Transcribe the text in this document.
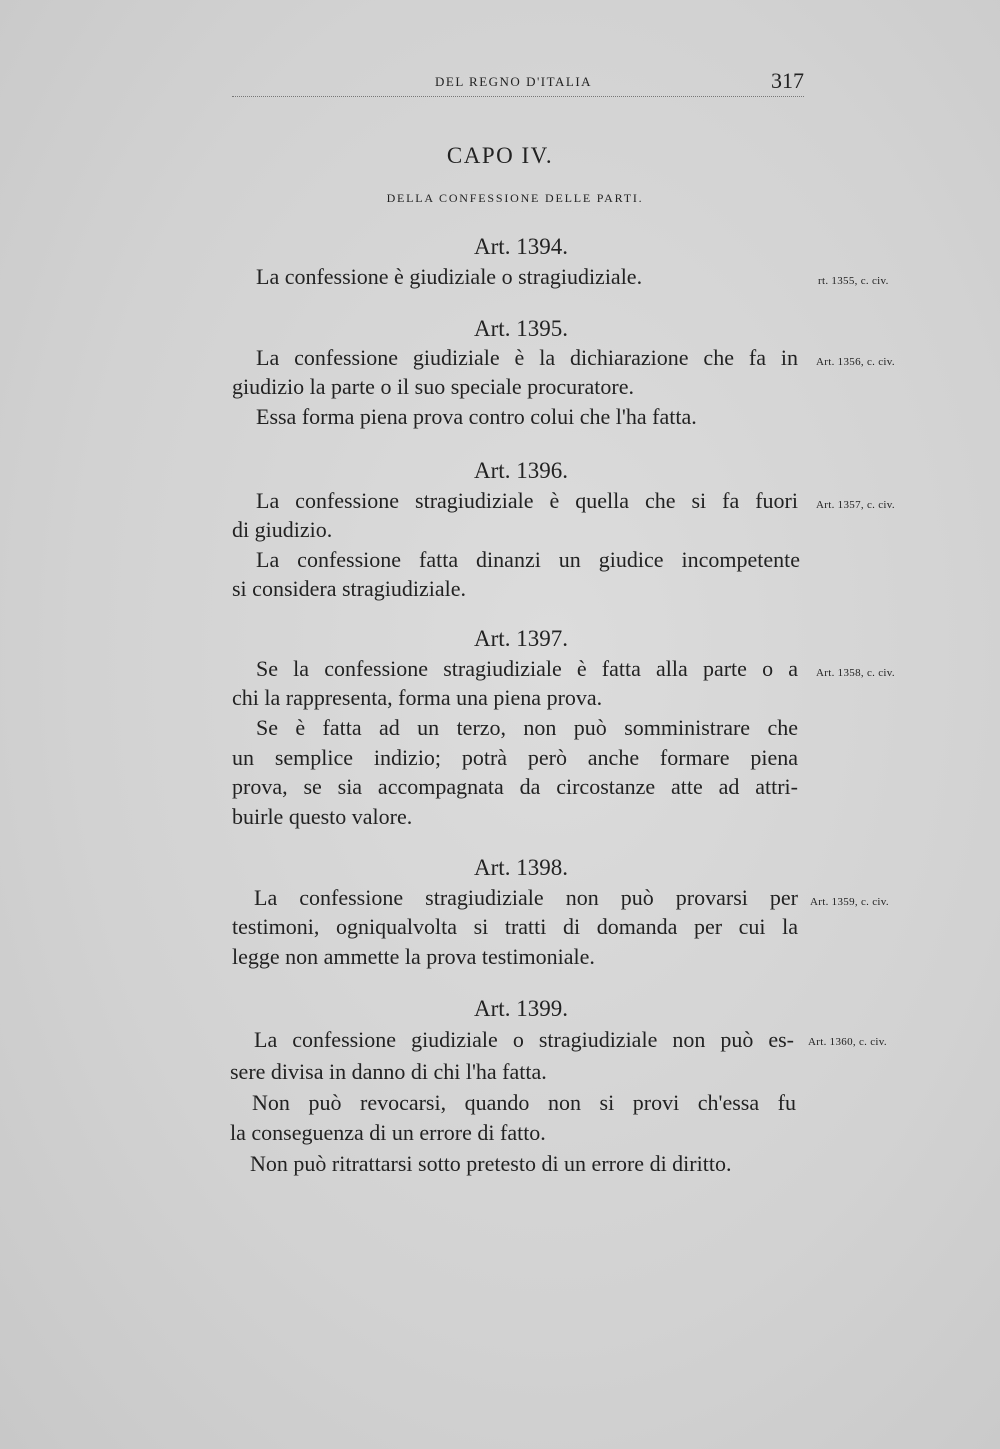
DEL REGNO D'ITALIA	317
CAPO IV.
DELLA CONFESSIONE DELLE PARTI.
Art. 1394.
La confessione è giudiziale o stragiudiziale.	rt. 1355, c. civ.
Art. 1395.
La confessione giudiziale è la dichiarazione che fa in
giudizio la parte o il suo speciale procuratore.
Essa forma piena prova contro colui che l'ha fatta.
Art. 1356, c. civ.
Art. 1396.
La confessione stragiudiziale è quella che si fa fuori
di giudizio.
La confessione fatta dinanzi un giudice incompetente
si considera stragiudiziale.
Art. 1357, c. civ.
Art. 1397.
Se la confessione stragiudiziale è fatta alla parte o a
chi la rappresenta, forma una piena prova.
Se è fatta ad un terzo, non può somministrare che
un semplice indizio; potrà però anche formare piena
prova, se sia accompagnata da circostanze atte ad attri-
buirle questo valore.
Art. 1358, c. civ.
Art. 1398.
La confessione stragiudiziale non può provarsi per
testimoni, ogniqualvolta si tratti di domanda per cui la
legge non ammette la prova testimoniale.
Art. 1359, c. civ.
Art. 1399.
La confessione giudiziale o stragiudiziale non può es-
sere divisa in danno di chi l'ha fatta.
Non può revocarsi, quando non si provi ch'essa fu
la conseguenza di un errore di fatto.
Non può ritrattarsi sotto pretesto di un errore di diritto.
Art. 1360, c. civ.
